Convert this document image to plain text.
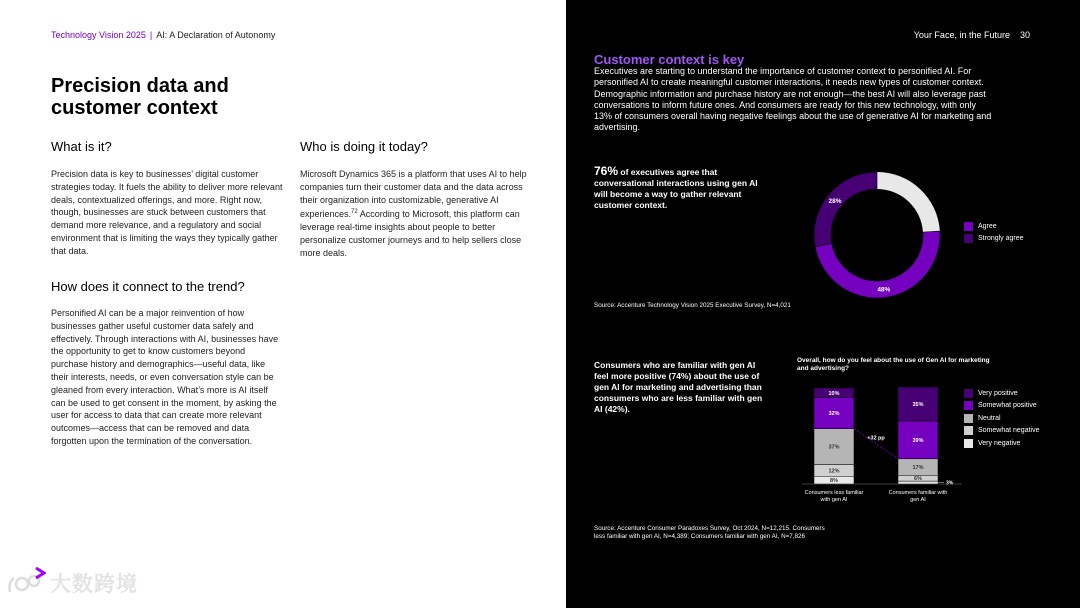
Technology Vision 2025 | AI: A Declaration of Autonomy
Precision data and customer context
What is it?
Precision data is key to businesses’ digital customer strategies today. It fuels the ability to deliver more relevant deals, contextualized offerings, and more. Right now, though, businesses are stuck between customers that demand more relevance, and a regulatory and social environment that is limiting the ways they typically gather that data.
Who is doing it today?
Microsoft Dynamics 365 is a platform that uses AI to help companies turn their customer data and the data across their organization into customizable, generative AI experiences.$^{72}$ According to Microsoft, this platform can leverage real-time insights about people to better personalize customer journeys and to help sellers close more deals.
How does it connect to the trend?
Personified AI can be a major reinvention of how businesses gather useful customer data safely and effectively. Through interactions with AI, businesses have the opportunity to get to know customers beyond purchase history and demographics—useful data, like their interests, needs, or even conversation style can be gleaned from every interaction. What’s more is AI itself can be used to get consent in the moment, by asking the user for access to data that can create more relevant outcomes—access that can be removed and data forgotten upon the termination of the conversation.
大数跨境
Your Face, in the Future 30
Customer context is key
Executives are starting to understand the importance of customer context to personified AI. For personified AI to create meaningful customer interactions, it needs new types of customer context. Demographic information and purchase history are not enough—the best AI will also leverage past conversations to inform future ones. And consumers are ready for this new technology, with only 13% of consumers overall having negative feelings about the use of generative AI for marketing and advertising.
76% of executives agree that conversational interactions using gen AI will become a way to gather relevant customer context.
48%
28%
Agree
Strongly agree
Source: Accenture Technology Vision 2025 Executive Survey, N=4,021
Consumers who are familiar with gen AI feel more positive (74%) about the use of gen AI for marketing and advertising than consumers who are less familiar with gen AI (42%).
Overall, how do you feel about the use of Gen AI for marketing and advertising?
8%
12%
37%
32%
10%
Consumers less familiar
with gen AI
3%
6%
17%
39%
35%
Consumers familiar with
gen AI
+32 pp
Very positive
Somewhat positive
Neutral
Somewhat negative
Very negative
Source: Accenture Consumer Paradoxes Survey, Oct 2024, N=12,215. Consumers
less familiar with gen AI, N=4,389; Consumers familiar with gen AI, N=7,826
